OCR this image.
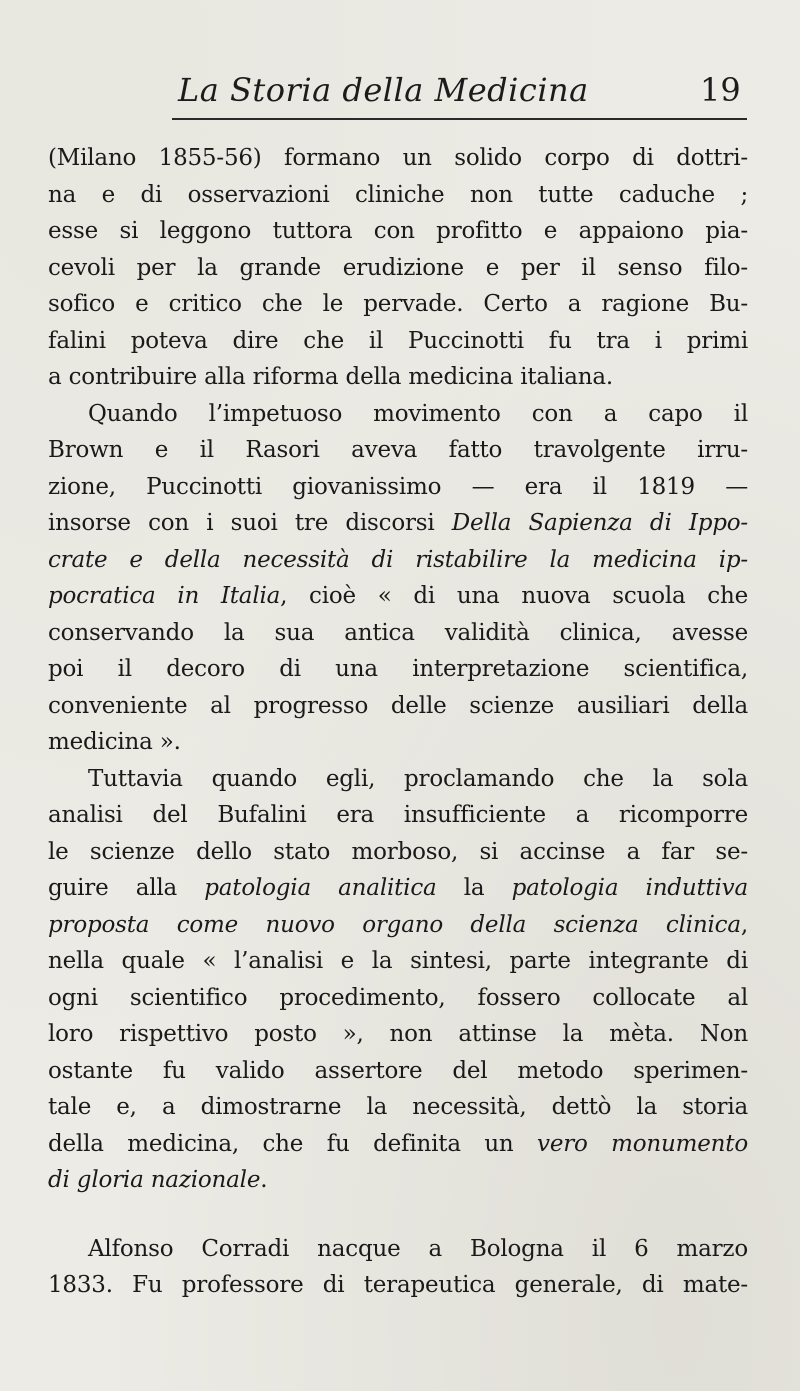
La Storia della Medicina	19

(Milano 1855-56) formano un solido corpo di dottri-
na e di osservazioni cliniche non tutte caduche ;
esse si leggono tuttora con profitto e appaiono pia-
cevoli per la grande erudizione e per il senso filo-
sofico e critico che le pervade. Certo a ragione Bu-
falini poteva dire che il Puccinotti fu tra i primi
a contribuire alla riforma della medicina italiana.

Quando l’impetuoso movimento con a capo il
Brown e il Rasori aveva fatto travolgente irru-
zione, Puccinotti giovanissimo — era il 1819 —
insorse con i suoi tre discorsi Della Sapienza di Ippo-
crate e della necessità di ristabilire la medicina ip-
pocratica in Italia, cioè « di una nuova scuola che
conservando la sua antica validità clinica, avesse
poi il decoro di una interpretazione scientifica,
conveniente al progresso delle scienze ausiliari della
medicina ».

Tuttavia quando egli, proclamando che la sola
analisi del Bufalini era insufficiente a ricomporre
le scienze dello stato morboso, si accinse a far se-
guire alla patologia analitica la patologia induttiva
proposta come nuovo organo della scienza clinica,
nella quale « l’analisi e la sintesi, parte integrante di
ogni scientifico procedimento, fossero collocate al
loro rispettivo posto », non attinse la mèta. Non
ostante fu valido assertore del metodo sperimen-
tale e, a dimostrarne la necessità, dettò la storia
della medicina, che fu definita un vero monumento
di gloria nazionale.

Alfonso Corradi nacque a Bologna il 6 marzo
1833. Fu professore di terapeutica generale, di mate-
